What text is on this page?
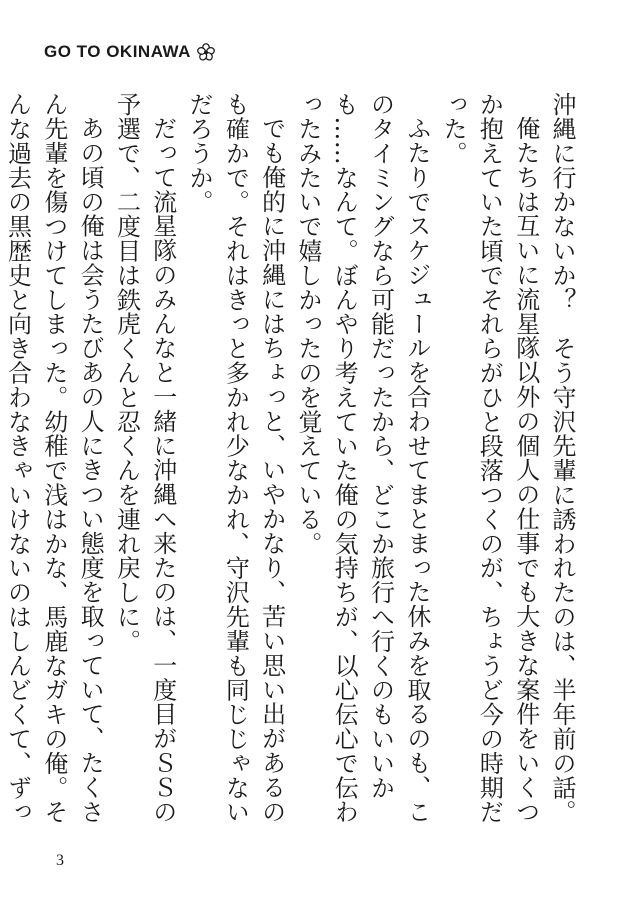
GO TO OKINAWA

沖縄に行かないか？　そう守沢先輩に誘われたのは、半年前の話。

俺たちは互いに流星隊以外の個人の仕事でも大きな案件をいくつか抱えていた頃でそれらがひと段落つくのが、ちょうど今の時期だった。

ふたりでスケジュールを合わせてまとまった休みを取るのも、このタイミングなら可能だったから、どこか旅行へ行くのもいいかも……なんて。ぼんやり考えていた俺の気持ちが、以心伝心で伝わったみたいで嬉しかったのを覚えている。

でも俺的に沖縄にはちょっと、いやかなり、苦い思い出があるのも確かで。それはきっと多かれ少なかれ、守沢先輩も同じじゃないだろうか。

だって流星隊のみんなと一緒に沖縄へ来たのは、一度目がＳＳの予選で、二度目は鉄虎くんと忍くんを連れ戻しに。

あの頃の俺は会うたびあの人にきつい態度を取っていて、たくさん先輩を傷つけてしまった。幼稚で浅はかな、馬鹿なガキの俺。そんな過去の黒歴史と向き合わなきゃいけないのはしんどくて、ずっ

3
